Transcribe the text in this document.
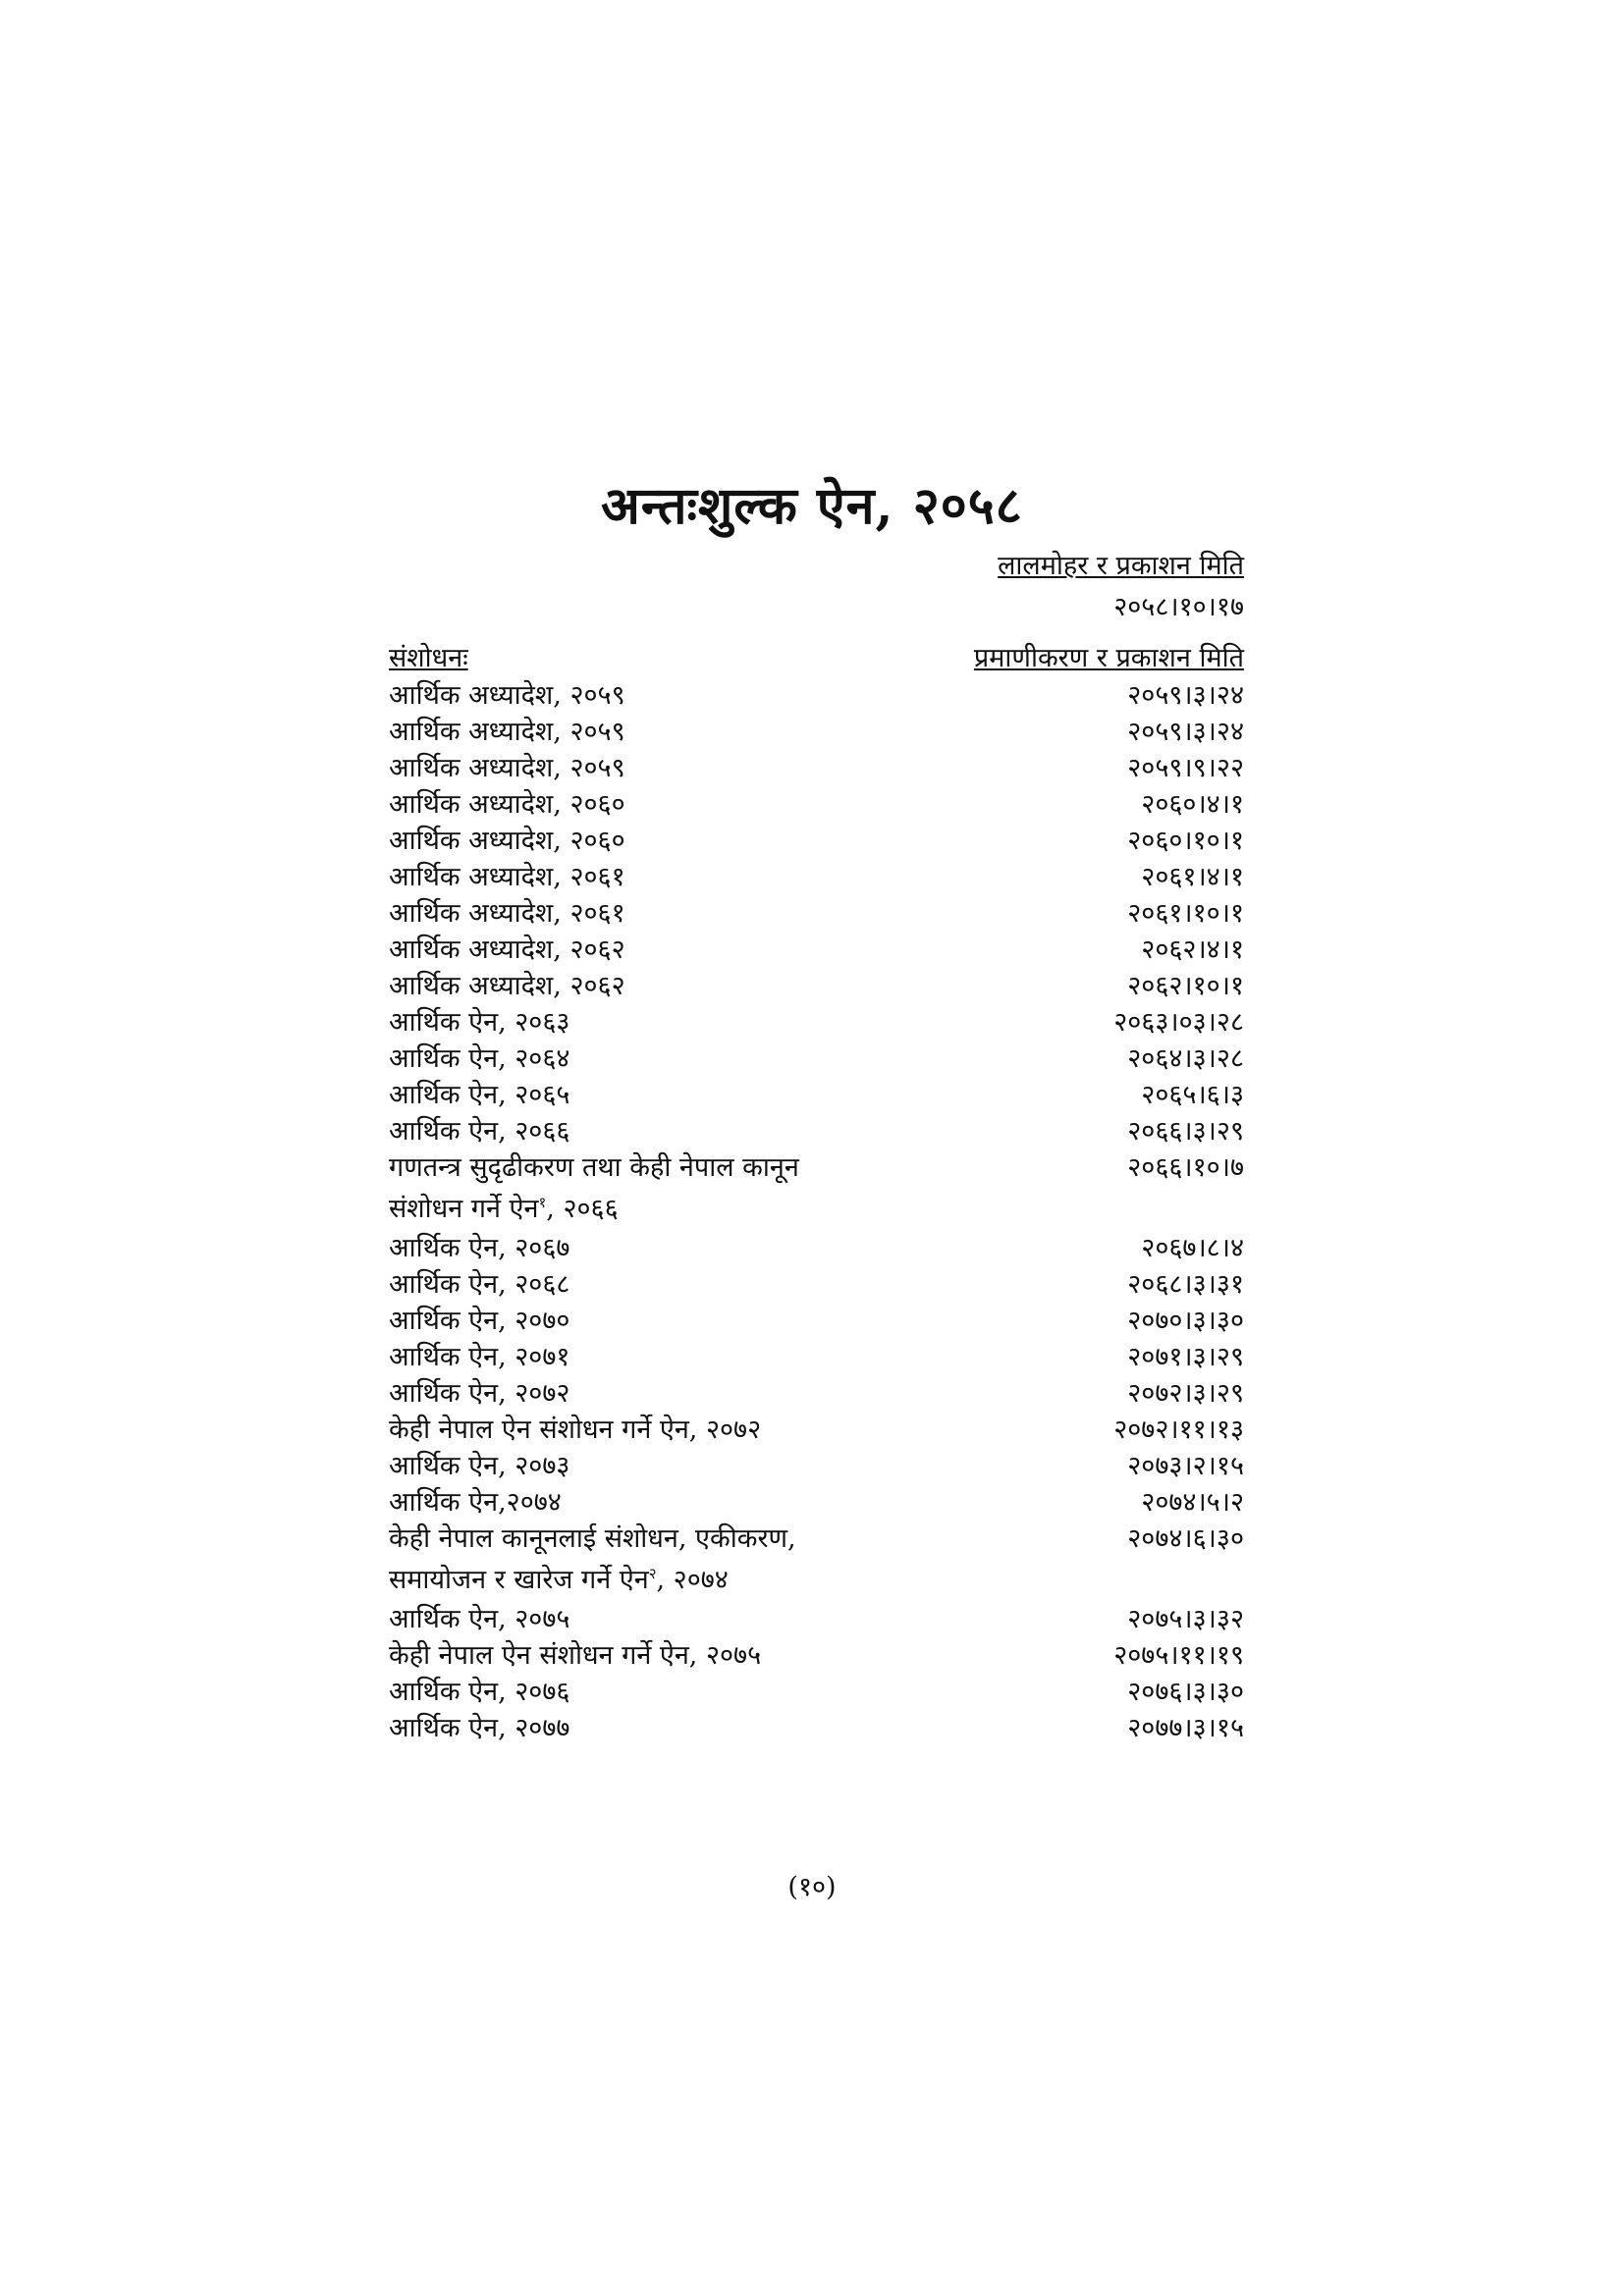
अन्तःशुल्क ऐन, २०५८
लालमोहर र प्रकाशन मिति
२०५८।१०।१७
संशोधनः	प्रमाणीकरण र प्रकाशन मिति
आर्थिक अध्यादेश, २०५९	२०५९।३।२४
आर्थिक अध्यादेश, २०५९	२०५९।३।२४
आर्थिक अध्यादेश, २०५९	२०५९।९।२२
आर्थिक अध्यादेश, २०६०	२०६०।४।१
आर्थिक अध्यादेश, २०६०	२०६०।१०।१
आर्थिक अध्यादेश, २०६१	२०६१।४।१
आर्थिक अध्यादेश, २०६१	२०६१।१०।१
आर्थिक अध्यादेश, २०६२	२०६२।४।१
आर्थिक अध्यादेश, २०६२	२०६२।१०।१
आर्थिक ऐन, २०६३	२०६३।०३।२८
आर्थिक ऐन, २०६४	२०६४।३।२८
आर्थिक ऐन, २०६५	२०६५।६।३
आर्थिक ऐन, २०६६	२०६६।३।२९
गणतन्त्र सुदृढीकरण तथा केही नेपाल कानून	२०६६।१०।७
संशोधन गर्ने ऐन$^१$, २०६६
आर्थिक ऐन, २०६७	२०६७।८।४
आर्थिक ऐन, २०६८	२०६८।३।३१
आर्थिक ऐन, २०७०	२०७०।३।३०
आर्थिक ऐन, २०७१	२०७१।३।२९
आर्थिक ऐन, २०७२	२०७२।३।२९
केही नेपाल ऐन संशोधन गर्ने ऐन, २०७२	२०७२।११।१३
आर्थिक ऐन, २०७३	२०७३।२।१५
आर्थिक ऐन,२०७४	२०७४।५।२
केही नेपाल कानूनलाई संशोधन, एकीकरण,	२०७४।६।३०
समायोजन र खारेज गर्ने ऐन$^२$, २०७४
आर्थिक ऐन, २०७५	२०७५।३।३२
केही नेपाल ऐन संशोधन गर्ने ऐन, २०७५	२०७५।११।१९
आर्थिक ऐन, २०७६	२०७६।३।३०
आर्थिक ऐन, २०७७	२०७७।३।१५
(१०)
